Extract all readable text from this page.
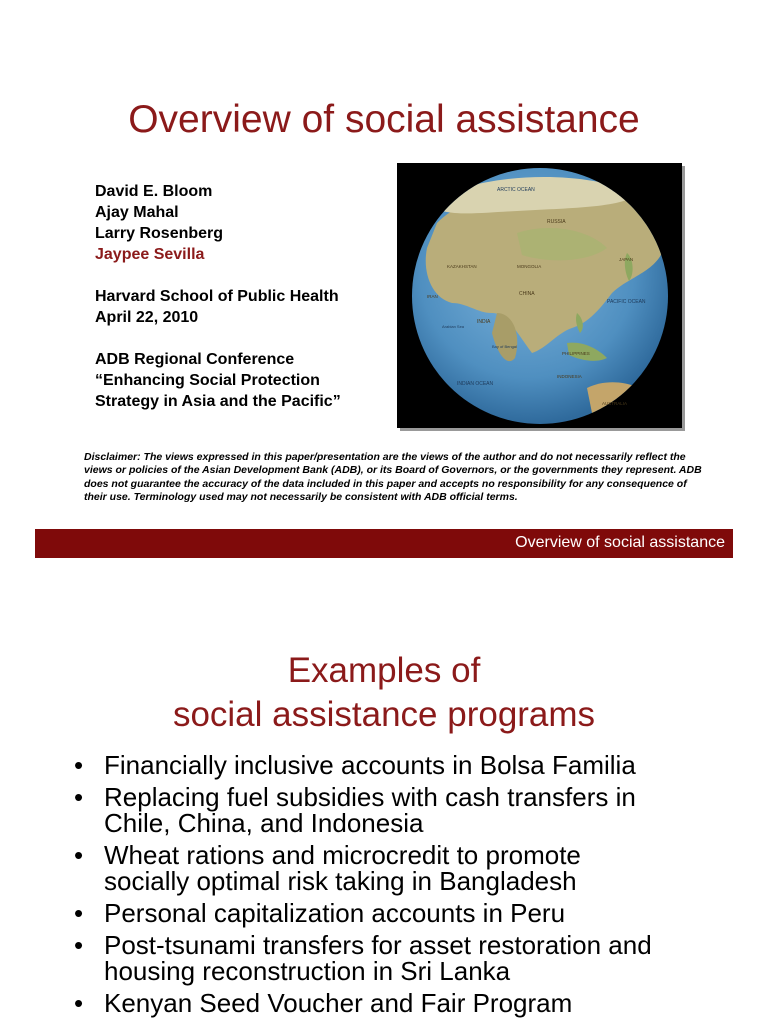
Overview of social assistance
David E. Bloom
Ajay Mahal
Larry Rosenberg
Jaypee Sevilla
Harvard School of Public Health
April 22, 2010
ADB Regional Conference
“Enhancing Social Protection
Strategy in Asia and the Pacific”
ARCTIC OCEAN
RUSSIA
KAZAKHSTAN	MONGOLIA
CHINA
INDIA
IRAN
JAPAN
PACIFIC OCEAN
INDIAN OCEAN
PHILIPPINES
INDONESIA
AUSTRALIA
Bay of Bengal
Arabian Sea
Disclaimer: The views expressed in this paper/presentation are the views of the author and do not necessarily reflect the views or policies of the Asian Development Bank (ADB), or its Board of Governors, or the governments they represent. ADB does not guarantee the accuracy of the data included in this paper and accepts no responsibility for any consequence of their use. Terminology used may not necessarily be consistent with ADB official terms.
Overview of social assistance
Examples of
social assistance programs
• Financially inclusive accounts in Bolsa Familia
• Replacing fuel subsidies with cash transfers in
Chile, China, and Indonesia
• Wheat rations and microcredit to promote
socially optimal risk taking in Bangladesh
• Personal capitalization accounts in Peru
• Post-tsunami transfers for asset restoration and
housing reconstruction in Sri Lanka
• Kenyan Seed Voucher and Fair Program
